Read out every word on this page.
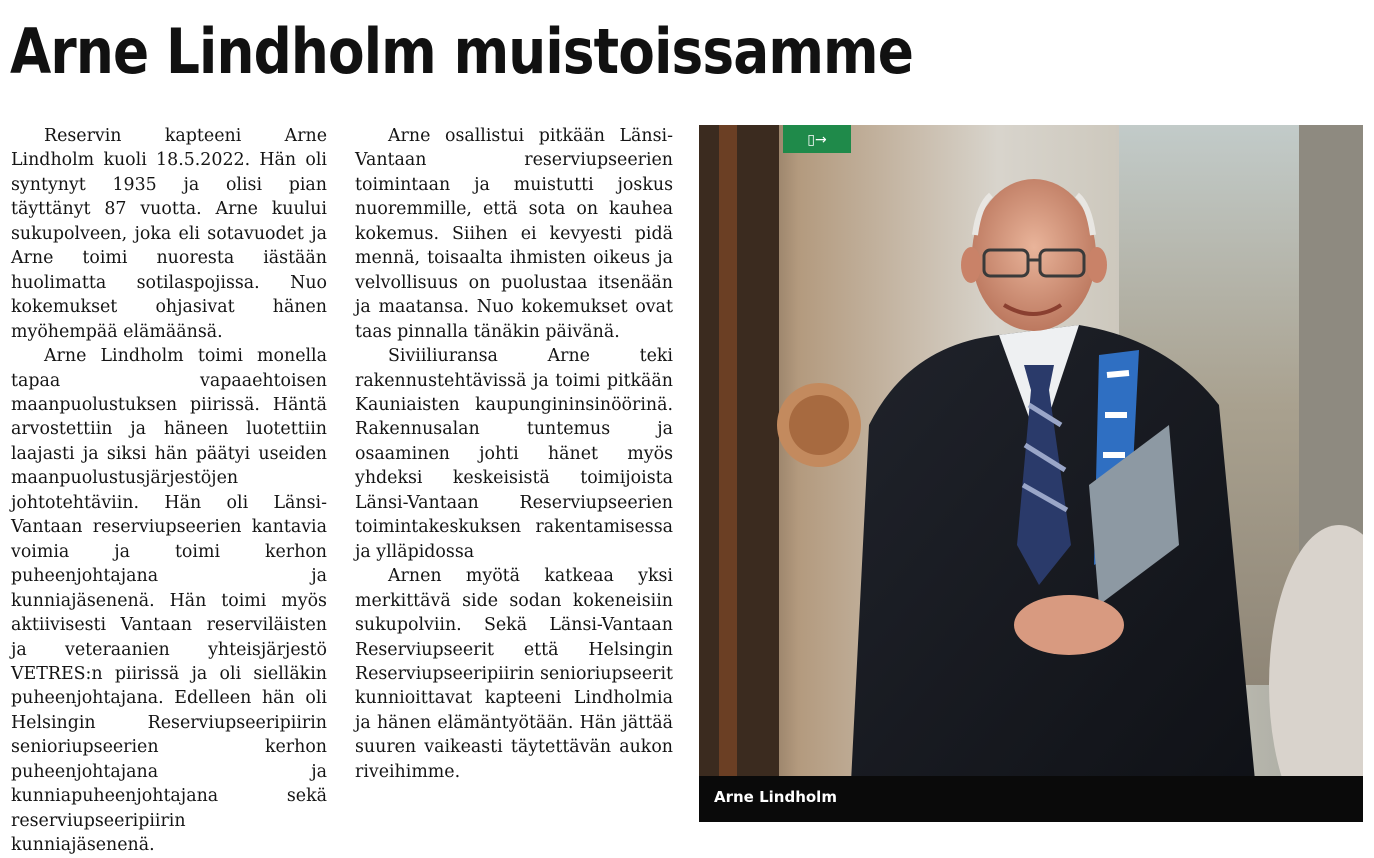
Arne Lindholm muistoissamme

Reservin kapteeni Arne Lindholm kuoli 18.5.2022. Hän oli syntynyt 1935 ja olisi pian täyttänyt 87 vuotta. Arne kuului sukupolveen, joka eli sotavuodet ja Arne toimi nuoresta iästään huolimatta sotilaspojissa. Nuo kokemukset ohjasivat hänen myöhempää elämäänsä.

Arne Lindholm toimi monella tapaa vapaaehtoisen maanpuolustuksen piirissä. Häntä arvostettiin ja häneen luotettiin laajasti ja siksi hän päätyi useiden maanpuolustusjärjestöjen johtotehtäviin. Hän oli Länsi-Vantaan reserviupseerien kantavia voimia ja toimi kerhon puheenjohtajana ja kunniajäsenenä. Hän toimi myös aktiivisesti Vantaan reserviläisten ja veteraanien yhteisjärjestö VETRES:n piirissä ja oli sielläkin puheenjohtajana. Edelleen hän oli Helsingin Reserviupseeripiirin senioriupseerien kerhon puheenjohtajana ja kunniapuheenjohtajana sekä reserviupseeripiirin kunniajäsenenä.

Arne osallistui pitkään Länsi-Vantaan reserviupseerien toimintaan ja muistutti joskus nuoremmille, että sota on kauhea kokemus. Siihen ei kevyesti pidä mennä, toisaalta ihmisten oikeus ja velvollisuus on puolustaa itsenään ja maatansa. Nuo kokemukset ovat taas pinnalla tänäkin päivänä.

Siviiliuransa Arne teki rakennustehtävissä ja toimi pitkään Kauniaisten kaupungininsinöörinä. Rakennusalan tuntemus ja osaaminen johti hänet myös yhdeksi keskeisistä toimijoista Länsi-Vantaan Reserviupseerien toimintakeskuksen rakentamisessa ja ylläpidossa

Arnen myötä katkeaa yksi merkittävä side sodan kokeneisiin sukupolviin. Sekä Länsi-Vantaan Reserviupseerit että Helsingin Reserviupseeripiirin senioriupseerit kunnioittavat kapteeni Lindholmia ja hänen elämäntyötään. Hän jättää suuren vaikeasti täytettävän aukon riveihimme.

▯→
Arne Lindholm
